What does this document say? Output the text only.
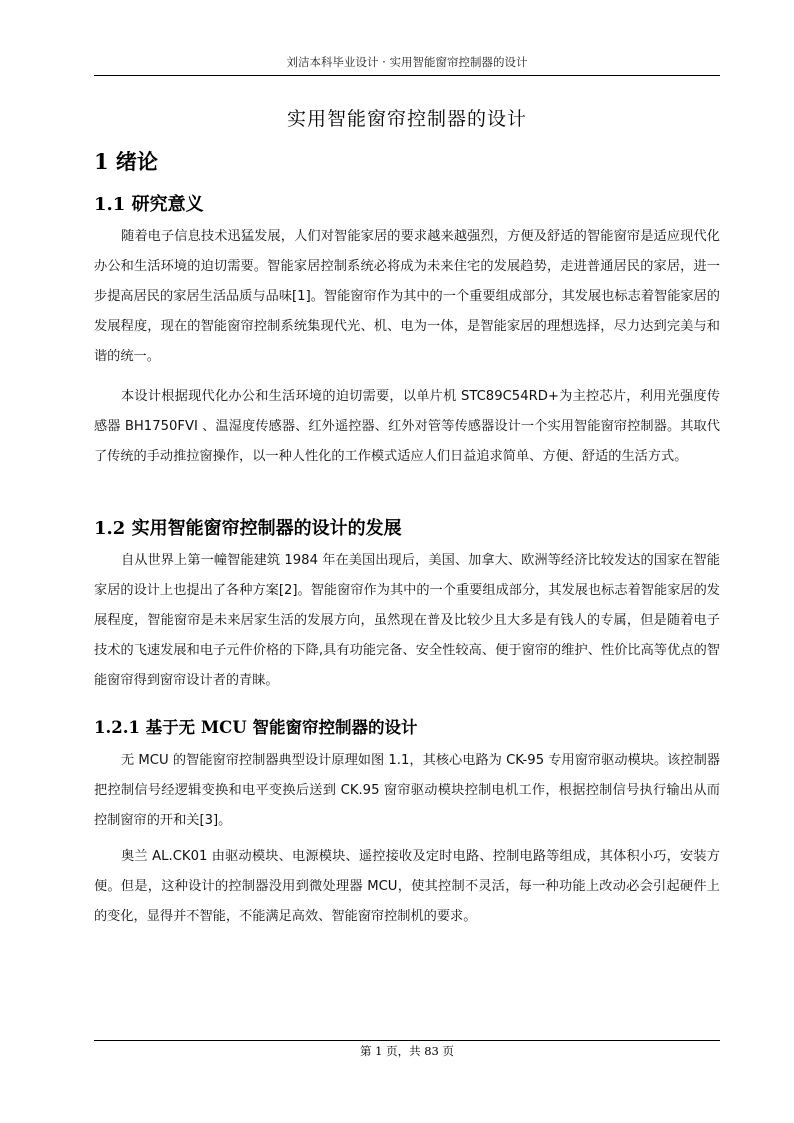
刘洁本科毕业设计 · 实用智能窗帘控制器的设计
实用智能窗帘控制器的设计
1 绪论
1.1 研究意义
随着电子信息技术迅猛发展，人们对智能家居的要求越来越强烈，方便及舒适的智能窗帘是适应现代化办公和生活环境的迫切需要。智能家居控制系统必将成为未来住宅的发展趋势，走进普通居民的家居，进一步提高居民的家居生活品质与品味[1]。智能窗帘作为其中的一个重要组成部分，其发展也标志着智能家居的发展程度，现在的智能窗帘控制系统集现代光、机、电为一体，是智能家居的理想选择，尽力达到完美与和谐的统一。
本设计根据现代化办公和生活环境的迫切需要，以单片机 STC89C54RD+为主控芯片，利用光强度传感器 BH1750FVI 、温湿度传感器、红外遥控器、红外对管等传感器设计一个实用智能窗帘控制器。其取代了传统的手动推拉窗操作，以一种人性化的工作模式适应人们日益追求简单、方便、舒适的生活方式。
1.2 实用智能窗帘控制器的设计的发展
自从世界上第一幢智能建筑 1984 年在美国出现后，美国、加拿大、欧洲等经济比较发达的国家在智能家居的设计上也提出了各种方案[2]。智能窗帘作为其中的一个重要组成部分，其发展也标志着智能家居的发展程度，智能窗帘是未来居家生活的发展方向，虽然现在普及比较少且大多是有钱人的专属，但是随着电子技术的飞速发展和电子元件价格的下降,具有功能完备、安全性较高、便于窗帘的维护、性价比高等优点的智能窗帘得到窗帘设计者的青睐。
1.2.1 基于无 MCU 智能窗帘控制器的设计
无 MCU 的智能窗帘控制器典型设计原理如图 1.1，其核心电路为 CK-95 专用窗帘驱动模块。该控制器把控制信号经逻辑变换和电平变换后送到 CK.95 窗帘驱动模块控制电机工作，根据控制信号执行输出从而控制窗帘的开和关[3]。
奥兰 AL.CK01 由驱动模块、电源模块、遥控接收及定时电路、控制电路等组成，其体积小巧，安装方便。但是，这种设计的控制器没用到微处理器 MCU，使其控制不灵活，每一种功能上改动必会引起硬件上的变化，显得并不智能，不能满足高效、智能窗帘控制机的要求。
第 1 页，共 83 页
